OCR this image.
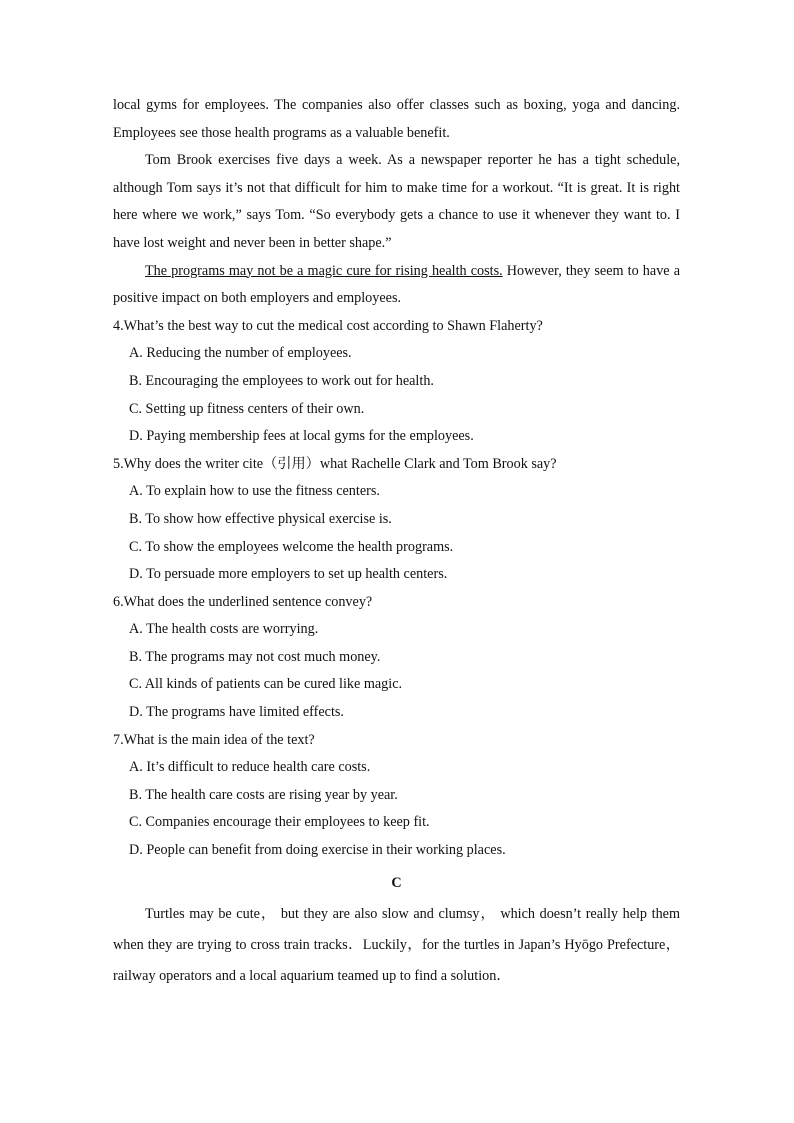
local gyms for employees. The companies also offer classes such as boxing, yoga and dancing. Employees see those health programs as a valuable benefit.

Tom Brook exercises five days a week. As a newspaper reporter he has a tight schedule, although Tom says it’s not that difficult for him to make time for a workout. “It is great. It is right here where we work,” says Tom. “So everybody gets a chance to use it whenever they want to. I have lost weight and never been in better shape.”

The programs may not be a magic cure for rising health costs. However, they seem to have a positive impact on both employers and employees.

4.What’s the best way to cut the medical cost according to Shawn Flaherty?

A. Reducing the number of employees.

B. Encouraging the employees to work out for health.

C. Setting up fitness centers of their own.

D. Paying membership fees at local gyms for the employees.

5.Why does the writer cite（引用）what Rachelle Clark and Tom Brook say?

A. To explain how to use the fitness centers.

B. To show how effective physical exercise is.

C. To show the employees welcome the health programs.

D. To persuade more employers to set up health centers.

6.What does the underlined sentence convey?

A. The health costs are worrying.

B. The programs may not cost much money.

C. All kinds of patients can be cured like magic.

D. The programs have limited effects.

7.What is the main idea of the text?

A. It’s difficult to reduce health care costs.

B. The health care costs are rising year by year.

C. Companies encourage their employees to keep fit.

D. People can benefit from doing exercise in their working places.

C

Turtles may be cute， but they are also slow and clumsy， which doesn’t really help them when they are trying to cross train tracks．Luckily，for the turtles in Japan’s Hyōgo Prefecture， railway operators and a local aquarium teamed up to find a solution．
